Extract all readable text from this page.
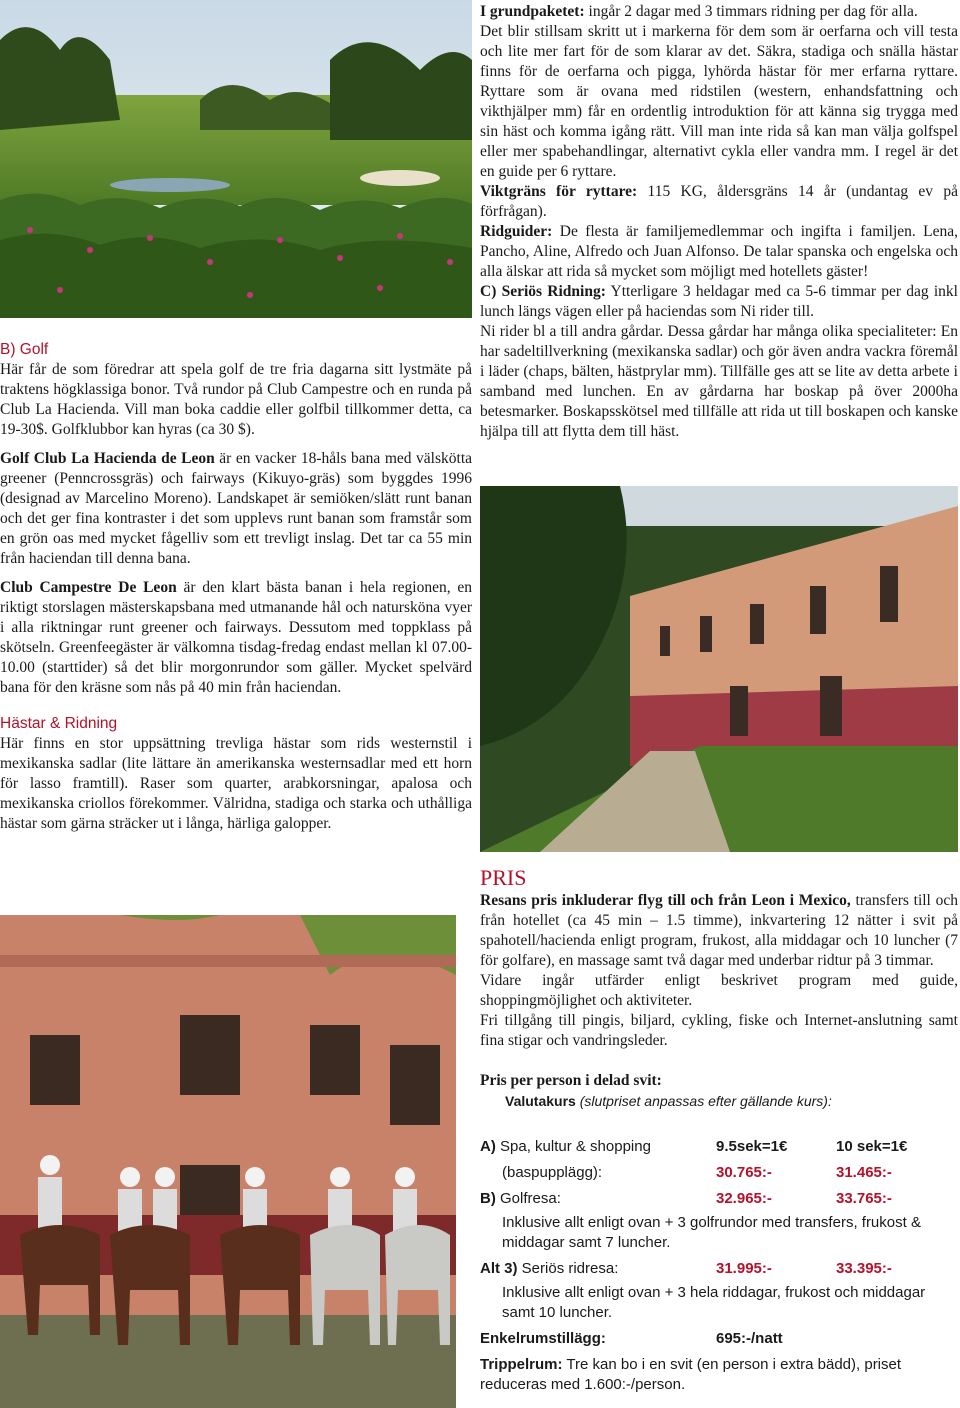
B) Golf

Här får de som föredrar att spela golf de tre fria dagarna sitt lystmäte på traktens högklassiga bonor. Två rundor på Club Campestre och en runda på Club La Hacienda. Vill man boka caddie eller golfbil tillkommer detta, ca 19-30$. Golfklubbor kan hyras (ca 30 $).

Golf Club La Hacienda de Leon är en vacker 18-håls bana med välskötta greener (Penncrossgräs) och fairways (Kikuyo-gräs) som byggdes 1996 (designad av Marcelino Moreno). Landskapet är semiöken/slätt runt banan och det ger fina kontraster i det som upplevs runt banan som framstår som en grön oas med mycket fågelliv som ett trevligt inslag. Det tar ca 55 min från haciendan till denna bana.

Club Campestre De Leon är den klart bästa banan i hela regionen, en riktigt storslagen mästerskapsbana med utmanande hål och natursköna vyer i alla riktningar runt greener och fairways. Dessutom med toppklass på skötseln. Greenfeegäster är välkomna tisdag-fredag endast mellan kl 07.00-10.00 (starttider) så det blir morgonrundor som gäller. Mycket spelvärd bana för den kräsne som nås på 40 min från haciendan.

Hästar & Ridning

Här finns en stor uppsättning trevliga hästar som rids westernstil i mexikanska sadlar (lite lättare än amerikanska westernsadlar med ett horn för lasso framtill). Raser som quarter, arabkorsningar, apalosa och mexikanska criollos förekommer. Välridna, stadiga och starka och uthålliga hästar som gärna sträcker ut i långa, härliga galopper.

I grundpaketet: ingår 2 dagar med 3 timmars ridning per dag för alla.

Det blir stillsam skritt ut i markerna för dem som är oerfarna och vill testa och lite mer fart för de som klarar av det. Säkra, stadiga och snälla hästar finns för de oerfarna och pigga, lyhörda hästar för mer erfarna ryttare. Ryttare som är ovana med ridstilen (western, enhandsfattning och vikthjälper mm) får en ordentlig introduktion för att känna sig trygga med sin häst och komma igång rätt. Vill man inte rida så kan man välja golfspel eller mer spabehandlingar, alternativt cykla eller vandra mm. I regel är det en guide per 6 ryttare.

Viktgräns för ryttare: 115 KG, åldersgräns 14 år (undantag ev på förfrågan).

Ridguider: De flesta är familjemedlemmar och ingifta i familjen. Lena, Pancho, Aline, Alfredo och Juan Alfonso. De talar spanska och engelska och alla älskar att rida så mycket som möjligt med hotellets gäster!

C) Seriös Ridning: Ytterligare 3 heldagar med ca 5-6 timmar per dag inkl lunch längs vägen eller på haciendas som Ni rider till.

Ni rider bl a till andra gårdar. Dessa gårdar har många olika specialiteter: En har sadeltillverkning (mexikanska sadlar) och gör även andra vackra föremål i läder (chaps, bälten, hästprylar mm). Tillfälle ges att se lite av detta arbete i samband med lunchen. En av gårdarna har boskap på över 2000ha betesmarker. Boskapsskötsel med tillfälle att rida ut till boskapen och kanske hjälpa till att flytta dem till häst.

PRIS

Resans pris inkluderar flyg till och från Leon i Mexico, transfers till och från hotellet (ca 45 min – 1.5 timme), inkvartering 12 nätter i svit på spahotell/hacienda enligt program, frukost, alla middagar och 10 luncher (7 för golfare), en massage samt två dagar med underbar ridtur på 3 timmar.

Vidare ingår utfärder enligt beskrivet program med guide, shoppingmöjlighet och aktiviteter.

Fri tillgång till pingis, biljard, cykling, fiske och Internet-anslutning samt fina stigar och vandringsleder.

Pris per person i delad svit:

Valutakurs (slutpriset anpassas efter gällande kurs):

A) Spa, kultur & shopping	9.5sek=1€	10 sek=1€
(baspupplägg):	30.765:-	31.465:-
B) Golfresa:	32.965:-	33.765:-
Inklusive allt enligt ovan + 3 golfrundor med transfers, frukost & middagar samt 7 luncher.		
Alt 3) Seriös ridresa:	31.995:-	33.395:-
Inklusive allt enligt ovan + 3 hela riddagar, frukost och middagar samt 10 luncher.		
Enkelrumstillägg:	695:-/natt	

Trippelrum: Tre kan bo i en svit (en person i extra bädd), priset reduceras med 1.600:-/person.
